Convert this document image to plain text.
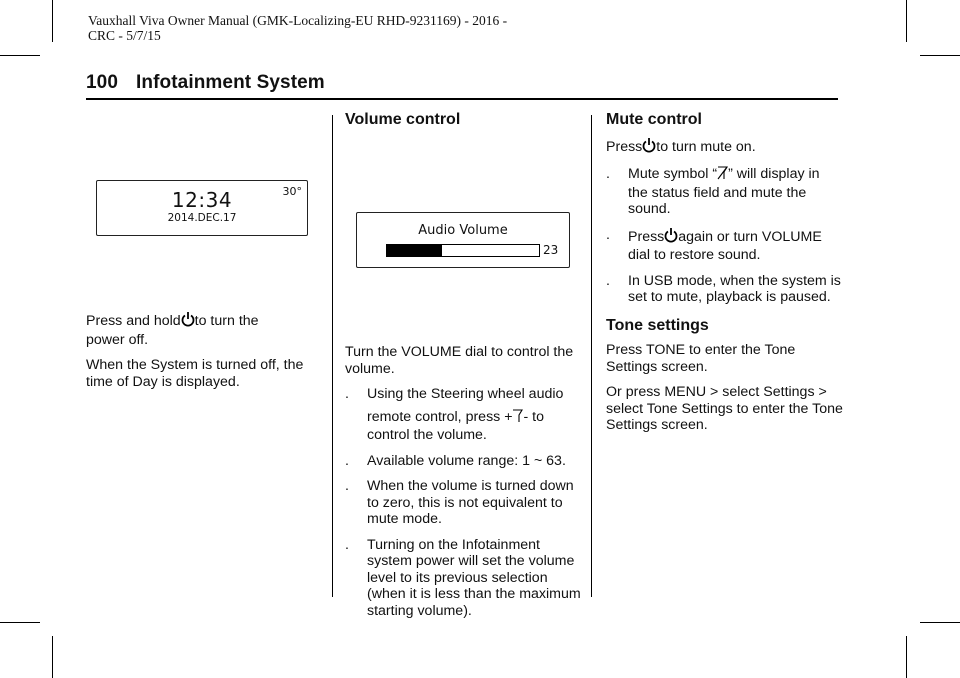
Vauxhall Viva Owner Manual (GMK-Localizing-EU RHD-9231169) - 2016 -
CRC - 5/7/15
100 Infotainment System
12:34
2014.DEC.17
30°

Press and hold to turn the
power off.

When the System is turned off, the time of Day is displayed.

Volume control
Audio Volume
23

Turn the VOLUME dial to control the volume.

. Using the Steering wheel audio
remote control, press + - to
control the volume.
. Available volume range: 1 ~ 63.
. When the volume is turned down to zero, this is not equivalent to mute mode.
. Turning on the Infotainment system power will set the volume level to its previous selection (when it is less than the maximum starting volume).
Mute control

Press to turn mute on.

. Mute symbol “ ” will display in
the status field and mute the sound.
. Press again or turn VOLUME
dial to restore sound.
. In USB mode, when the system is set to mute, playback is paused.
Tone settings

Press TONE to enter the Tone Settings screen.

Or press MENU > select Settings > select Tone Settings to enter the Tone Settings screen.
